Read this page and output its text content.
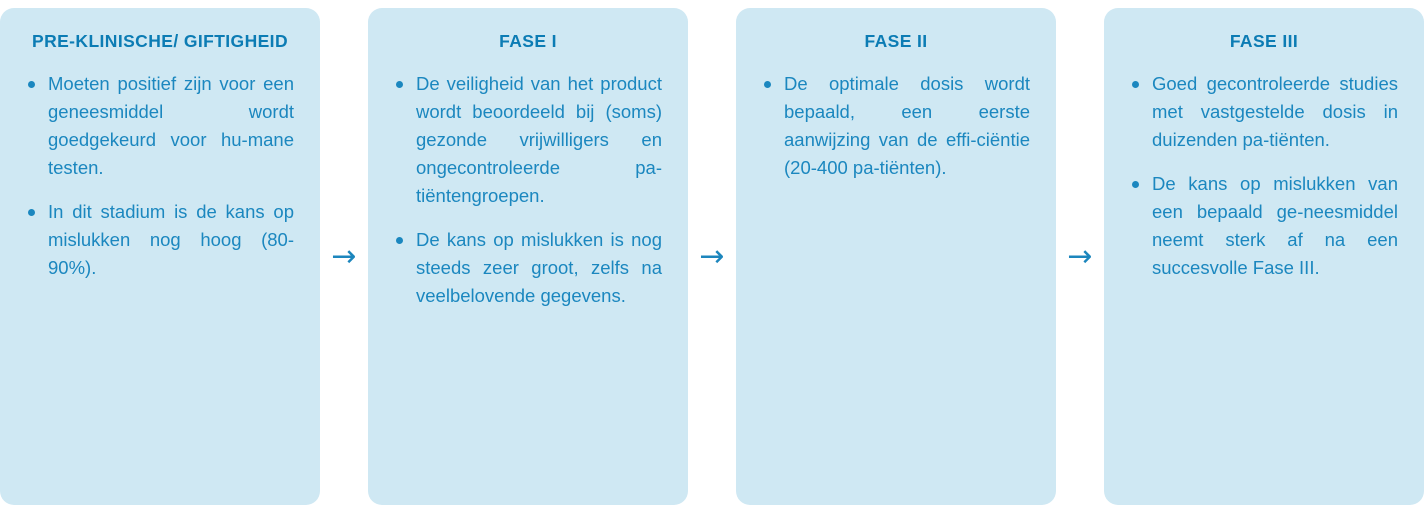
PRE-KLINISCHE/ GIFTIGHEID
Moeten positief zijn voor een geneesmiddel wordt goedgekeurd voor hu-mane testen.
In dit stadium is de kans op mislukken nog hoog (80-90%).	→
FASE I
De veiligheid van het product wordt beoordeeld bij (soms) gezonde vrijwilligers en ongecontroleerde pa-tiëntengroepen.
De kans op mislukken is nog steeds zeer groot, zelfs na veelbelovende gegevens.
→
FASE II
De optimale dosis wordt bepaald, een eerste aanwijzing van de effi-ciëntie (20-400 pa-tiënten).
→
FASE III
Goed gecontroleerde studies met vastgestelde dosis in duizenden pa-tiënten.
De kans op mislukken van een bepaald ge-neesmiddel neemt sterk af na een succesvolle Fase III.
